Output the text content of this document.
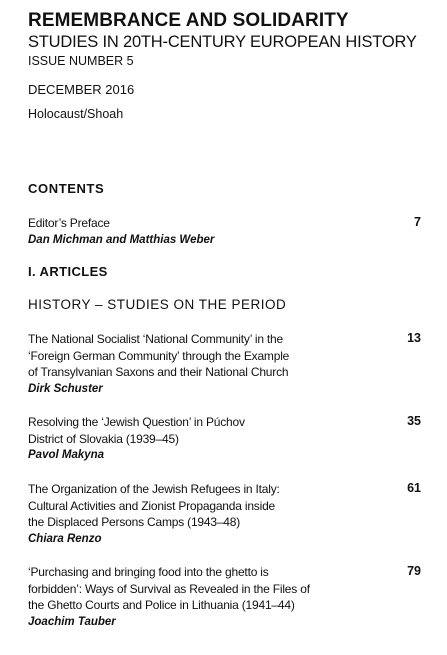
REMEMBRANCE AND SOLIDARITY
STUDIES IN 20TH-CENTURY EUROPEAN HISTORY
ISSUE NUMBER 5
DECEMBER 2016
Holocaust/Shoah
CONTENTS
Editor’s Preface
Dan Michman and Matthias Weber
7
I. ARTICLES
HISTORY – STUDIES ON THE PERIOD
The National Socialist ‘National Community’ in the
‘Foreign German Community’ through the Example
of Transylvanian Saxons and their National Church
Dirk Schuster
13
Resolving the ‘Jewish Question’ in Púchov
District of Slovakia (1939–45)
Pavol Makyna
35
The Organization of the Jewish Refugees in Italy:
Cultural Activities and Zionist Propaganda inside
the Displaced Persons Camps (1943–48)
Chiara Renzo
61
‘Purchasing and bringing food into the ghetto is
forbidden’: Ways of Survival as Revealed in the Files of
the Ghetto Courts and Police in Lithuania (1941–44)
Joachim Tauber
79
